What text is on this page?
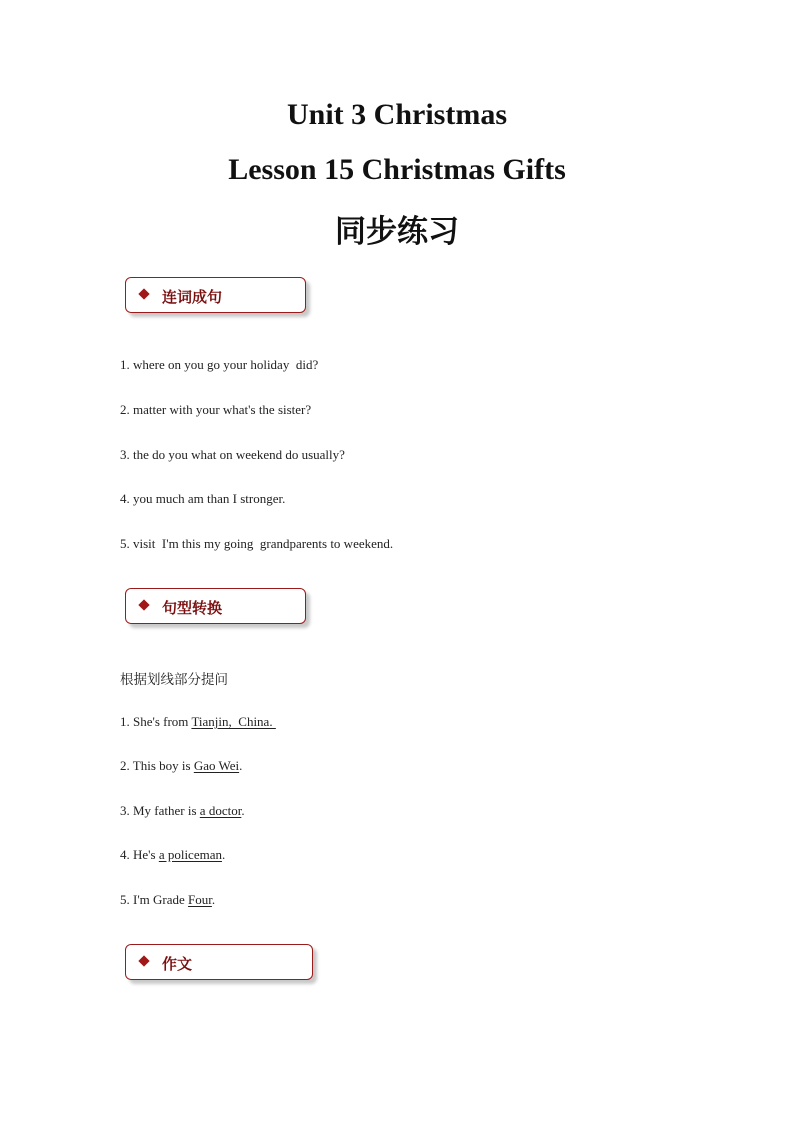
Unit 3 Christmas
Lesson 15 Christmas Gifts
同步练习
连词成句
1. where on you go your holiday  did?
2. matter with your what's the sister?
3. the do you what on weekend do usually?
4. you much am than I stronger.
5. visit  I'm this my going  grandparents to weekend.
句型转换
根据划线部分提问
1. She's from Tianjin,  China.
2. This boy is Gao Wei.
3. My father is a doctor.
4. He's a policeman.
5. I'm Grade Four.
作文
